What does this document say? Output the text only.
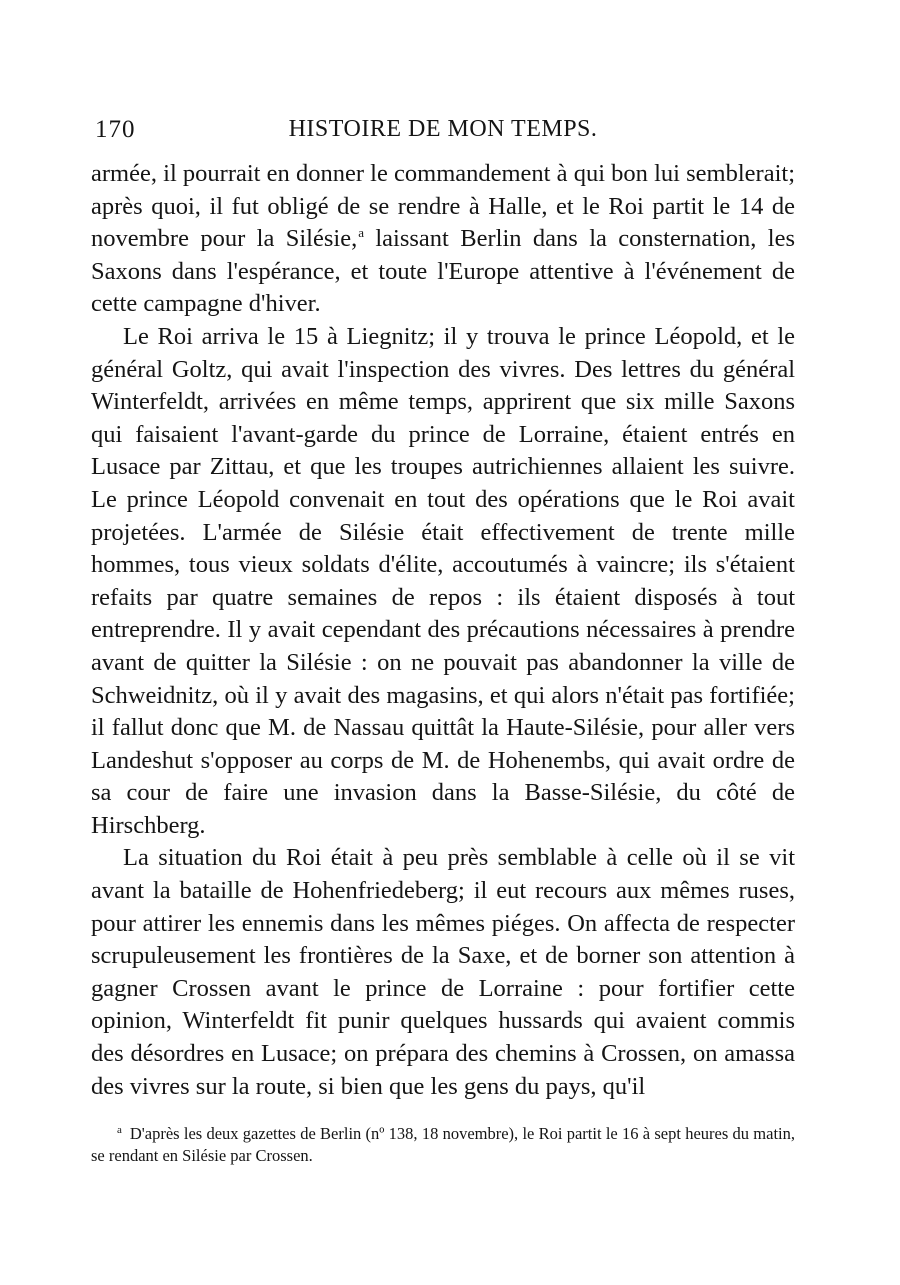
170	HISTOIRE DE MON TEMPS.

armée, il pourrait en donner le commandement à qui bon lui semblerait; après quoi, il fut obligé de se rendre à Halle, et le Roi partit le 14 de novembre pour la Silésie,$^a$ laissant Berlin dans la consternation, les Saxons dans l'espérance, et toute l'Europe attentive à l'événement de cette campagne d'hiver.

Le Roi arriva le 15 à Liegnitz; il y trouva le prince Léopold, et le général Goltz, qui avait l'inspection des vivres. Des lettres du général Winterfeldt, arrivées en même temps, apprirent que six mille Saxons qui faisaient l'avant-garde du prince de Lorraine, étaient entrés en Lusace par Zittau, et que les troupes autrichiennes allaient les suivre. Le prince Léopold convenait en tout des opérations que le Roi avait projetées. L'armée de Silésie était effectivement de trente mille hommes, tous vieux soldats d'élite, accoutumés à vaincre; ils s'étaient refaits par quatre semaines de repos : ils étaient disposés à tout entreprendre. Il y avait cependant des précautions nécessaires à prendre avant de quitter la Silésie : on ne pouvait pas abandonner la ville de Schweidnitz, où il y avait des magasins, et qui alors n'était pas fortifiée; il fallut donc que M. de Nassau quittât la Haute-Silésie, pour aller vers Landeshut s'opposer au corps de M. de Hohenembs, qui avait ordre de sa cour de faire une invasion dans la Basse-Silésie, du côté de Hirschberg.

La situation du Roi était à peu près semblable à celle où il se vit avant la bataille de Hohenfriedeberg; il eut recours aux mêmes ruses, pour attirer les ennemis dans les mêmes piéges. On affecta de respecter scrupuleusement les frontières de la Saxe, et de borner son attention à gagner Crossen avant le prince de Lorraine : pour fortifier cette opinion, Winterfeldt fit punir quelques hussards qui avaient commis des désordres en Lusace; on prépara des chemins à Crossen, on amassa des vivres sur la route, si bien que les gens du pays, qu'il

$^a$ D'après les deux gazettes de Berlin (nº 138, 18 novembre), le Roi partit le 16 à sept heures du matin, se rendant en Silésie par Crossen.
